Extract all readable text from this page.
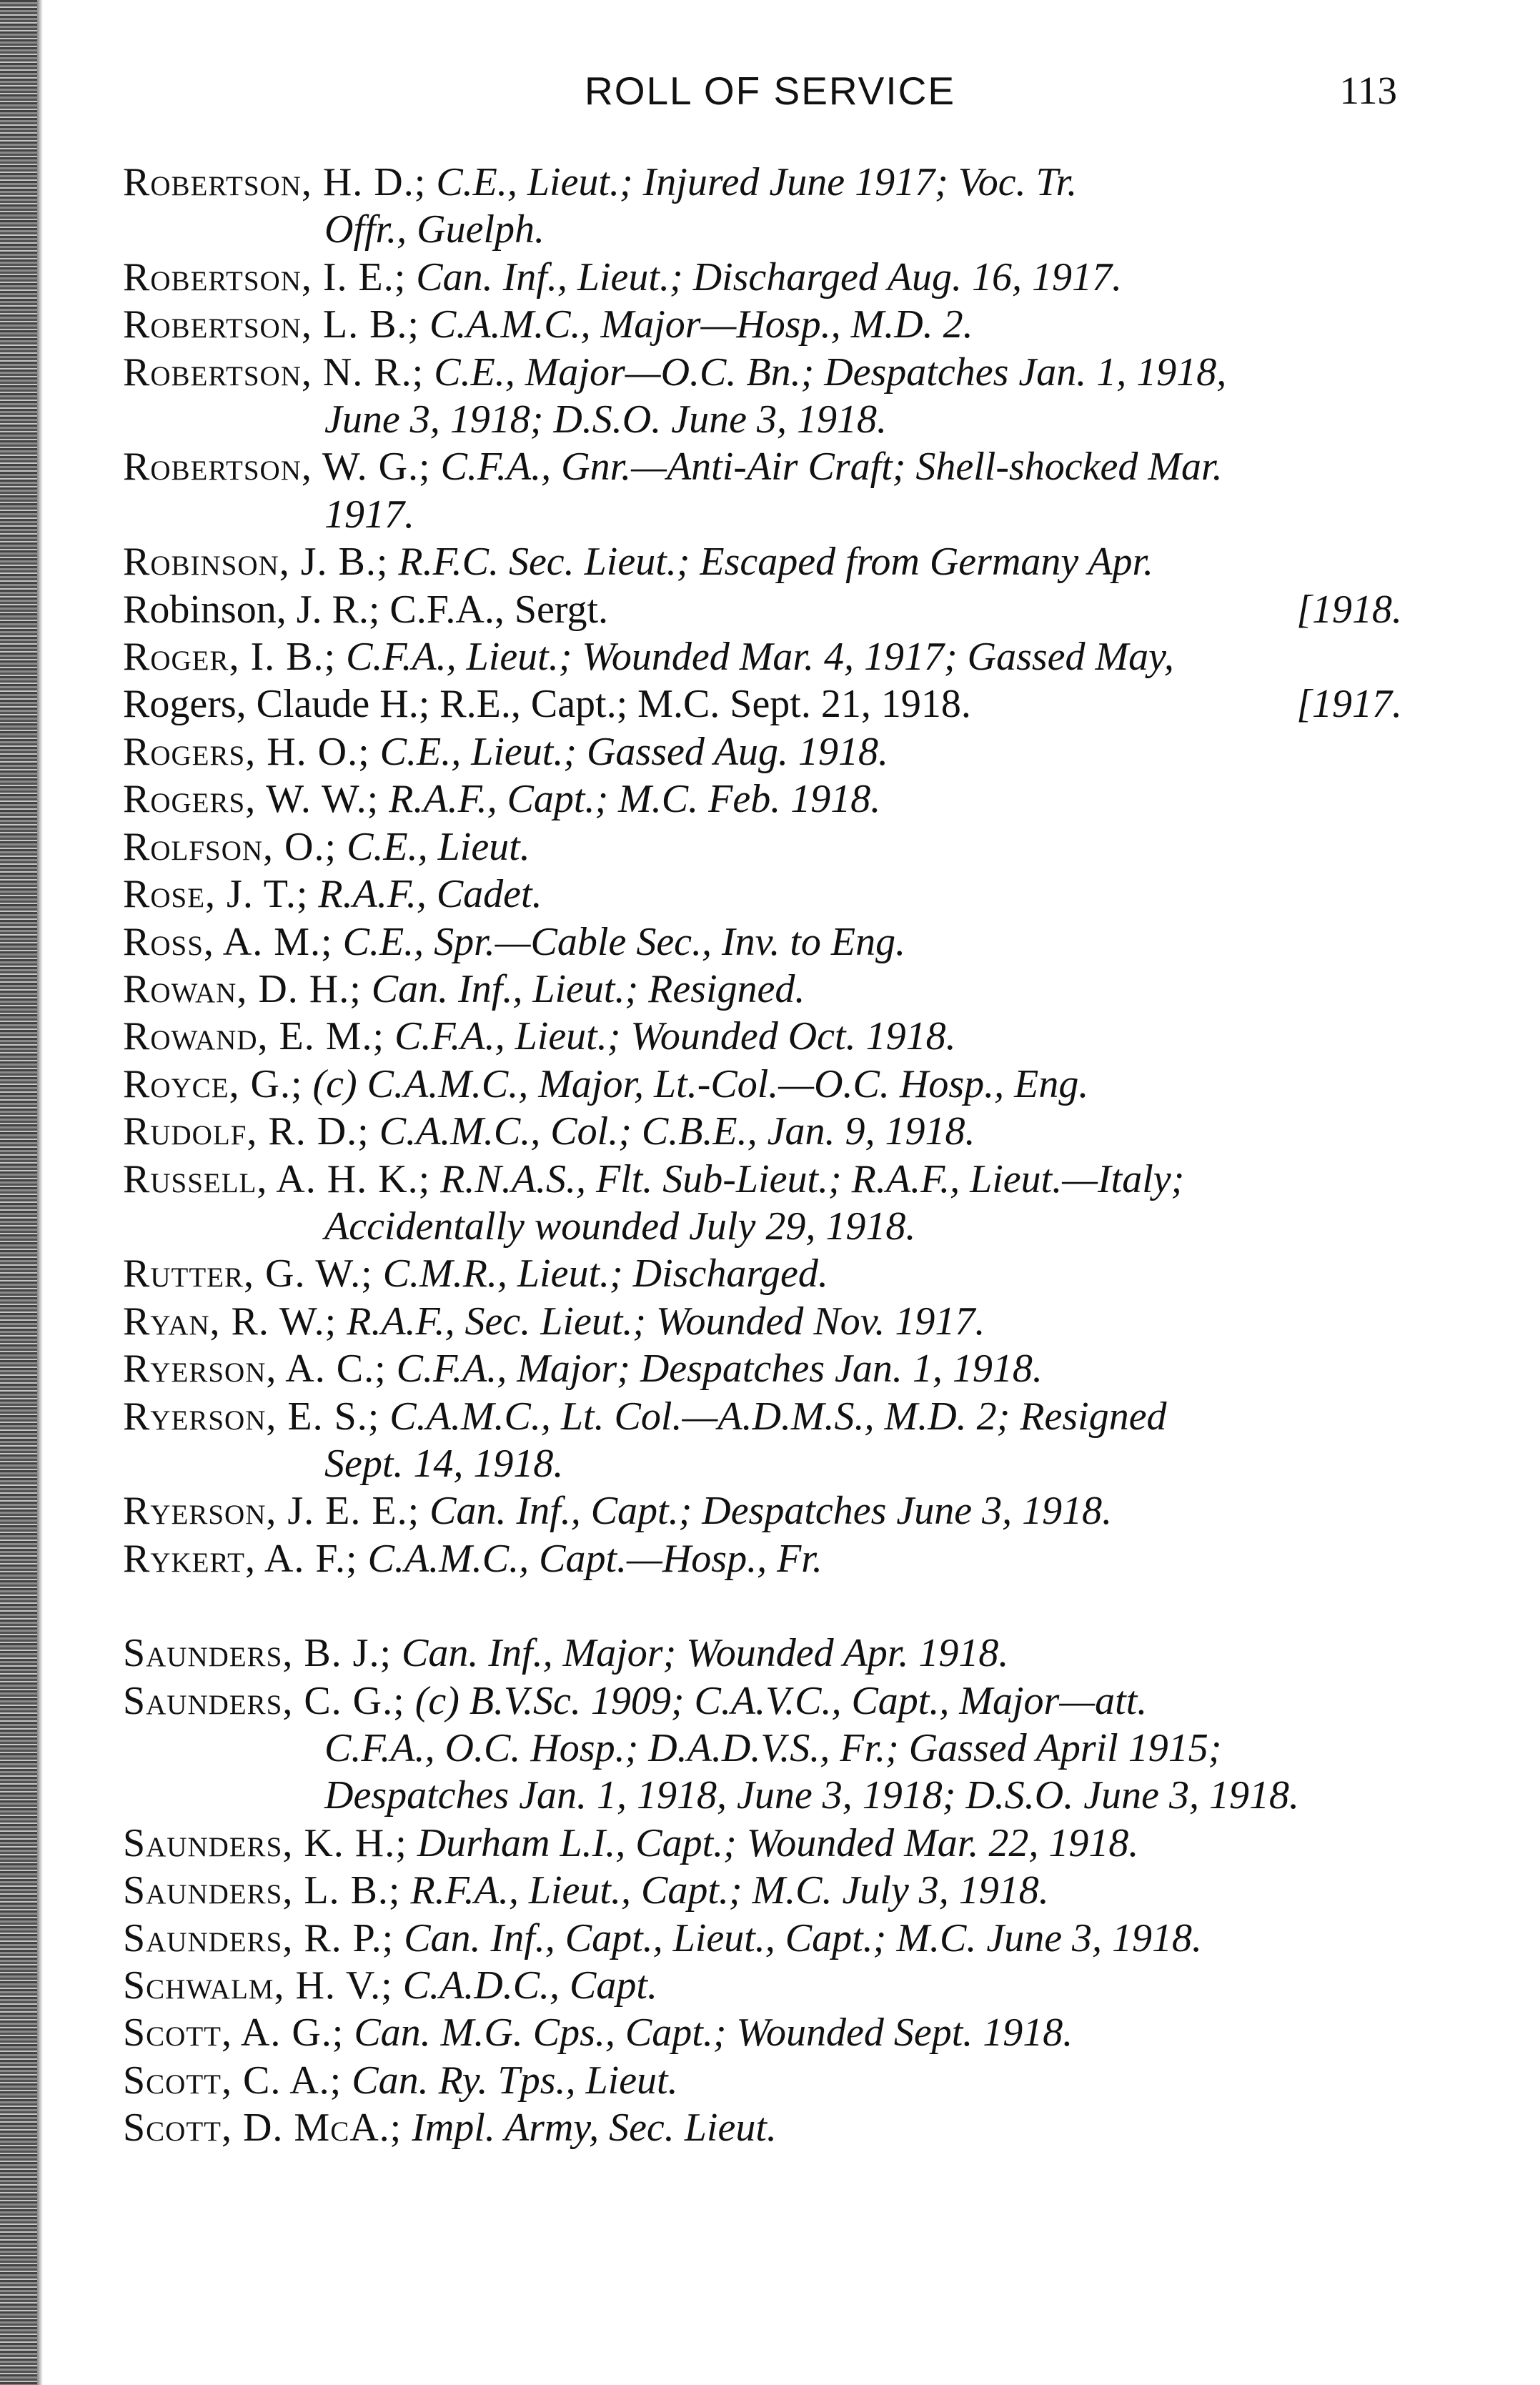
ROLL OF SERVICE	113
Robertson, H. D.; C.E., Lieut.; Injured June 1917; Voc. Tr.
Offr., Guelph.
Robertson, I. E.; Can. Inf., Lieut.; Discharged Aug. 16, 1917.
Robertson, L. B.; C.A.M.C., Major—Hosp., M.D. 2.
Robertson, N. R.; C.E., Major—O.C. Bn.; Despatches Jan. 1, 1918,
June 3, 1918; D.S.O. June 3, 1918.
Robertson, W. G.; C.F.A., Gnr.—Anti-Air Craft; Shell-shocked Mar.
1917.
Robinson, J. B.; R.F.C. Sec. Lieut.; Escaped from Germany Apr.
Robinson, J. R.; C.F.A., Sergt.	[1918.
Roger, I. B.; C.F.A., Lieut.; Wounded Mar. 4, 1917; Gassed May,
Rogers, Claude H.; R.E., Capt.; M.C. Sept. 21, 1918.	[1917.
Rogers, H. O.; C.E., Lieut.; Gassed Aug. 1918.
Rogers, W. W.; R.A.F., Capt.; M.C. Feb. 1918.
Rolfson, O.; C.E., Lieut.
Rose, J. T.; R.A.F., Cadet.
Ross, A. M.; C.E., Spr.—Cable Sec., Inv. to Eng.
Rowan, D. H.; Can. Inf., Lieut.; Resigned.
Rowand, E. M.; C.F.A., Lieut.; Wounded Oct. 1918.
Royce, G.; (c) C.A.M.C., Major, Lt.-Col.—O.C. Hosp., Eng.
Rudolf, R. D.; C.A.M.C., Col.; C.B.E., Jan. 9, 1918.
Russell, A. H. K.; R.N.A.S., Flt. Sub-Lieut.; R.A.F., Lieut.—Italy;
Accidentally wounded July 29, 1918.
Rutter, G. W.; C.M.R., Lieut.; Discharged.
Ryan, R. W.; R.A.F., Sec. Lieut.; Wounded Nov. 1917.
Ryerson, A. C.; C.F.A., Major; Despatches Jan. 1, 1918.
Ryerson, E. S.; C.A.M.C., Lt. Col.—A.D.M.S., M.D. 2; Resigned
Sept. 14, 1918.
Ryerson, J. E. E.; Can. Inf., Capt.; Despatches June 3, 1918.
Rykert, A. F.; C.A.M.C., Capt.—Hosp., Fr.
Saunders, B. J.; Can. Inf., Major; Wounded Apr. 1918.
Saunders, C. G.; (c) B.V.Sc. 1909; C.A.V.C., Capt., Major—att.
C.F.A., O.C. Hosp.; D.A.D.V.S., Fr.; Gassed April 1915;
Despatches Jan. 1, 1918, June 3, 1918; D.S.O. June 3, 1918.
Saunders, K. H.; Durham L.I., Capt.; Wounded Mar. 22, 1918.
Saunders, L. B.; R.F.A., Lieut., Capt.; M.C. July 3, 1918.
Saunders, R. P.; Can. Inf., Capt., Lieut., Capt.; M.C. June 3, 1918.
Schwalm, H. V.; C.A.D.C., Capt.
Scott, A. G.; Can. M.G. Cps., Capt.; Wounded Sept. 1918.
Scott, C. A.; Can. Ry. Tps., Lieut.
Scott, D. McA.; Impl. Army, Sec. Lieut.
